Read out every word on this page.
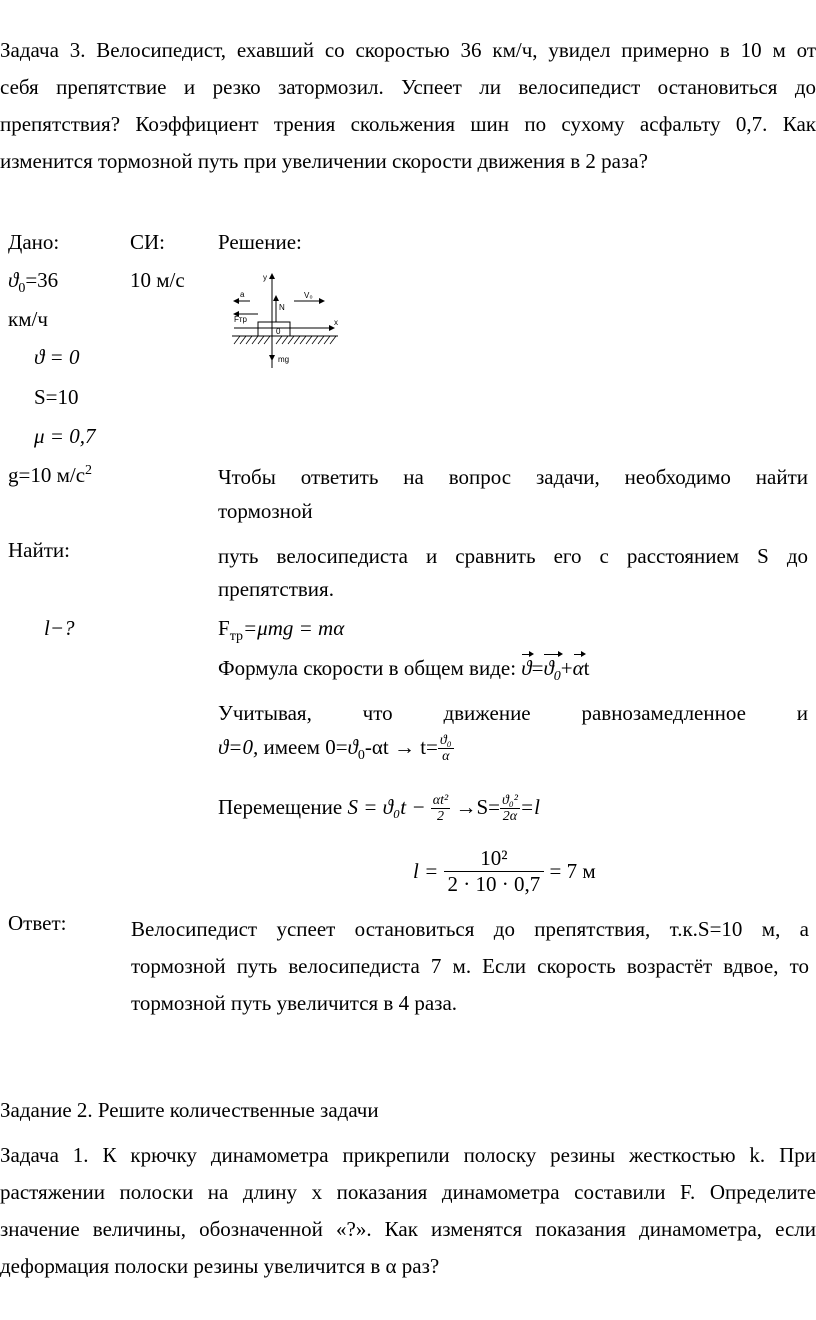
Задача 3. Велосипедист, ехавший со скоростью 36 км/ч, увидел примерно в 10 м от
себя препятствие и резко затормозил. Успеет ли велосипедист остановиться до
препятствия? Коэффициент трения скольжения шин по сухому асфальту 0,7. Как
изменится тормозной путь при увеличении скорости движения в 2 раза?
Дано:
$ϑ_0=36$
км/ч
ϑ = 0
S=10
μ = 0,7
g=10 $м/с^2$
Найти:
l−?
СИ:
10 м/с
Решение:
x
y
N
a
Fтр
V₀
0
mg
Чтобы ответить на вопрос задачи, необходимо найти
тормозной
путь велосипедиста и сравнить его с расстоянием S до
препятствия.
$F_{тр}=\mu mg = m\alpha$
Формула скорости в общем виде: $ϑ=ϑ_0+\alpha t$
Учитывая, что движение равнозамедленное и
ϑ=0, имеем $0=ϑ_0-\alpha t \to t= \frac{\text{ϑ₀}}{\alpha}$
Перемещение $S = ϑ_0t - \frac{\text{αt²}}{2} \to S= \frac{\text{ϑ₀²}}{2\alpha} =l$
$l = \frac{\text{10²}}{2 \cdot 10 \cdot 0,7} = 7$ м
Ответ:	Велосипедист успеет остановиться до препятствия, т.к.S=10 м, а
тормозной путь велосипедиста 7 м. Если скорость возрастёт вдвое, то
тормозной путь увеличится в 4 раза.
Задание 2. Решите количественные задачи
Задача 1. К крючку динамометра прикрепили полоску резины жесткостью k. При
растяжении полоски на длину x показания динамометра составили F. Определите
значение величины, обозначенной «?». Как изменятся показания динамометра, если
деформация полоски резины увеличится в α раз?
